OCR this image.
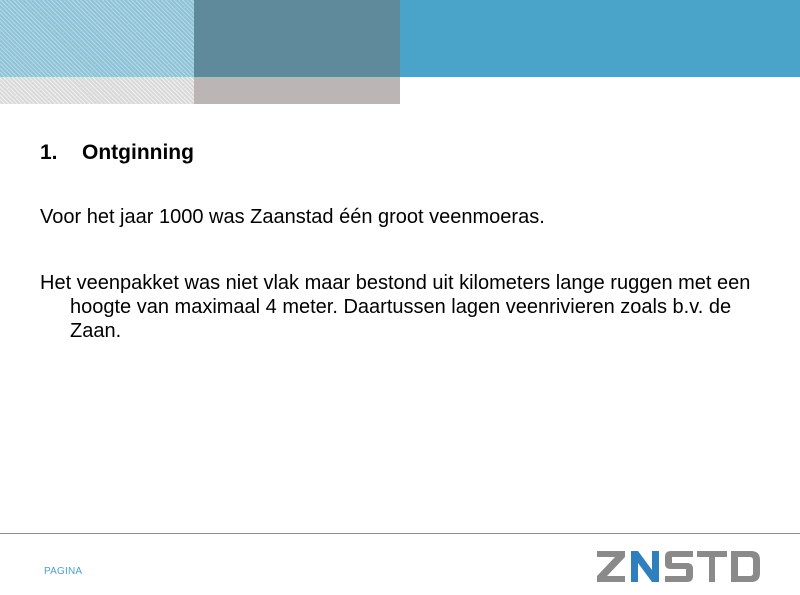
1.	Ontginning
Voor het jaar 1000 was Zaanstad één groot veenmoeras.
Het veenpakket was niet vlak maar bestond uit kilometers lange ruggen met een hoogte van maximaal 4 meter. Daartussen lagen veenrivieren zoals b.v. de Zaan.
PAGINA
